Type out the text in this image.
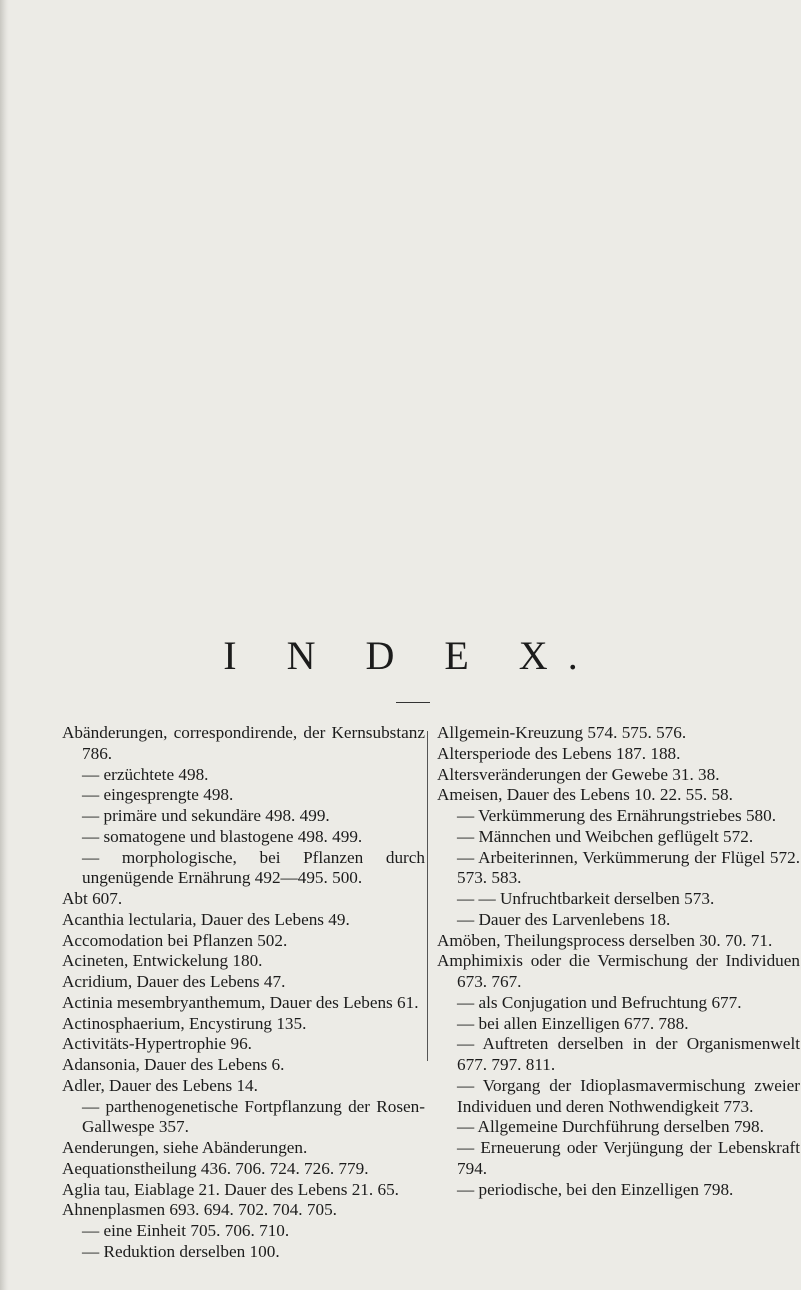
I N D E X.

Abänderungen, correspondirende, der Kernsubstanz 786.

— erzüchtete 498.

— eingesprengte 498.

— primäre und sekundäre 498. 499.

— somatogene und blastogene 498. 499.

— morphologische, bei Pflanzen durch ungenügende Ernährung 492—495. 500.

Abt 607.

Acanthia lectularia, Dauer des Lebens 49.

Accomodation bei Pflanzen 502.

Acineten, Entwickelung 180.

Acridium, Dauer des Lebens 47.

Actinia mesembryanthemum, Dauer des Lebens 61.

Actinosphaerium, Encystirung 135.

Activitäts-Hypertrophie 96.

Adansonia, Dauer des Lebens 6.

Adler, Dauer des Lebens 14.

— parthenogenetische Fortpflanzung der Rosen-Gallwespe 357.

Aenderungen, siehe Abänderungen.

Aequationstheilung 436. 706. 724. 726. 779.

Aglia tau, Eiablage 21. Dauer des Lebens 21. 65.

Ahnenplasmen 693. 694. 702. 704. 705.

— eine Einheit 705. 706. 710.

— Reduktion derselben 100.

Allgemein-Kreuzung 574. 575. 576.

Altersperiode des Lebens 187. 188.

Altersveränderungen der Gewebe 31. 38.

Ameisen, Dauer des Lebens 10. 22. 55. 58.

— Verkümmerung des Ernährungstriebes 580.

— Männchen und Weibchen geflügelt 572.

— Arbeiterinnen, Verkümmerung der Flügel 572. 573. 583.

— — Unfruchtbarkeit derselben 573.

— Dauer des Larvenlebens 18.

Amöben, Theilungsprocess derselben 30. 70. 71.

Amphimixis oder die Vermischung der Individuen 673. 767.

— als Conjugation und Befruchtung 677.

— bei allen Einzelligen 677. 788.

— Auftreten derselben in der Organismenwelt 677. 797. 811.

— Vorgang der Idioplasmavermischung zweier Individuen und deren Nothwendigkeit 773.

— Allgemeine Durchführung derselben 798.

— Erneuerung oder Verjüngung der Lebenskraft 794.

— periodische, bei den Einzelligen 798.
